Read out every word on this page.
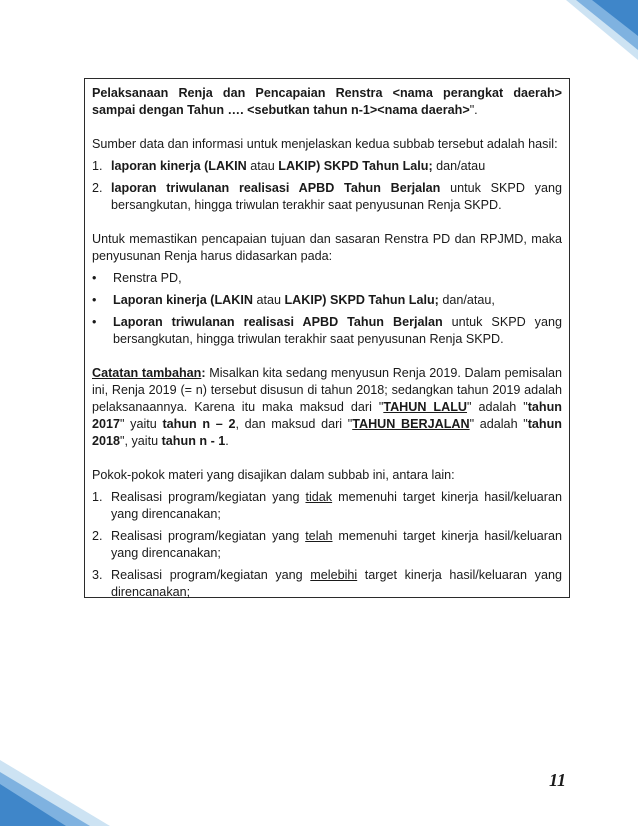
Pelaksanaan Renja dan Pencapaian Renstra <nama perangkat daerah> sampai dengan Tahun …. <sebutkan tahun n-1><nama daerah>".

Sumber data dan informasi untuk menjelaskan kedua subbab tersebut adalah hasil:

1. laporan kinerja (LAKIN atau LAKIP) SKPD Tahun Lalu; dan/atau
2. laporan triwulanan realisasi APBD Tahun Berjalan untuk SKPD yang bersangkutan, hingga triwulan terakhir saat penyusunan Renja SKPD.

Untuk memastikan pencapaian tujuan dan sasaran Renstra PD dan RPJMD, maka penyusunan Renja harus didasarkan pada:

•	Renstra PD,
•	Laporan kinerja (LAKIN atau LAKIP) SKPD Tahun Lalu; dan/atau,
•	Laporan triwulanan realisasi APBD Tahun Berjalan untuk SKPD yang bersangkutan, hingga triwulan terakhir saat penyusunan Renja SKPD.

Catatan tambahan: Misalkan kita sedang menyusun Renja 2019. Dalam pemisalan ini, Renja 2019 (= n) tersebut disusun di tahun 2018; sedangkan tahun 2019 adalah pelaksanaannya. Karena itu maka maksud dari "TAHUN LALU" adalah "tahun 2017" yaitu tahun n – 2, dan maksud dari "TAHUN BERJALAN" adalah "tahun 2018", yaitu tahun n - 1.

Pokok-pokok materi yang disajikan dalam subbab ini, antara lain:

1. Realisasi program/kegiatan yang tidak memenuhi target kinerja hasil/keluaran yang direncanakan;
2. Realisasi program/kegiatan yang telah memenuhi target kinerja hasil/keluaran yang direncanakan;
3. Realisasi program/kegiatan yang melebihi target kinerja hasil/keluaran yang direncanakan;
11
